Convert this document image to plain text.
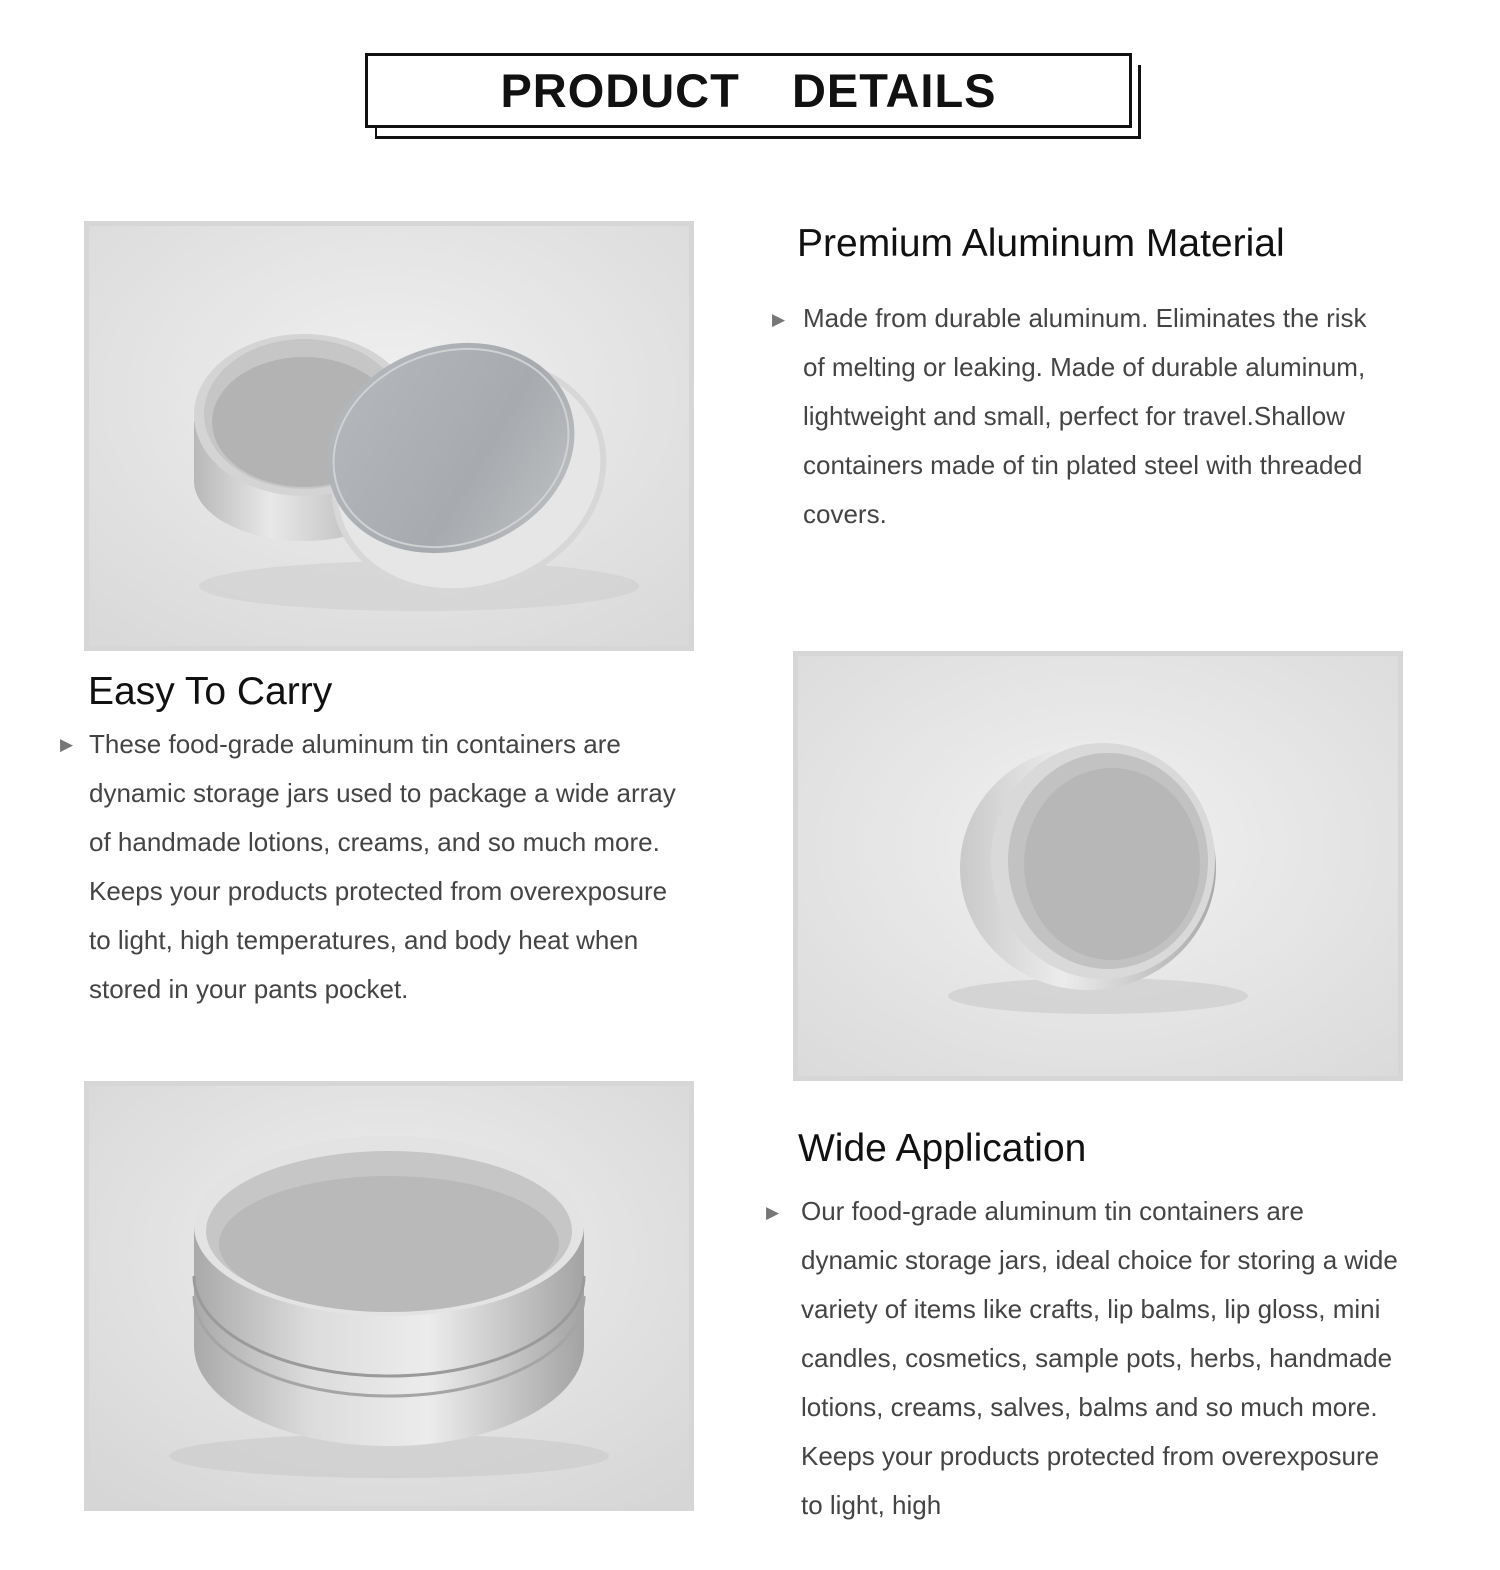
PRODUCT  DETAILS
Premium Aluminum Material
▶ Made from durable aluminum. Eliminates the risk of melting or leaking. Made of durable aluminum, lightweight and small, perfect for travel.Shallow containers made of tin plated steel with threaded covers.

Easy To Carry
▶ These food-grade aluminum tin containers are dynamic storage jars used to package a wide array of handmade lotions, creams, and so much more. Keeps your products protected from overexposure to light, high temperatures, and body heat when stored in your pants pocket.

Wide Application
▶ Our food-grade aluminum tin containers are dynamic storage jars, ideal choice for storing a wide variety of items like crafts, lip balms, lip gloss, mini candles, cosmetics, sample pots, herbs, handmade lotions, creams, salves, balms and so much more. Keeps your products protected from overexposure to light, high
